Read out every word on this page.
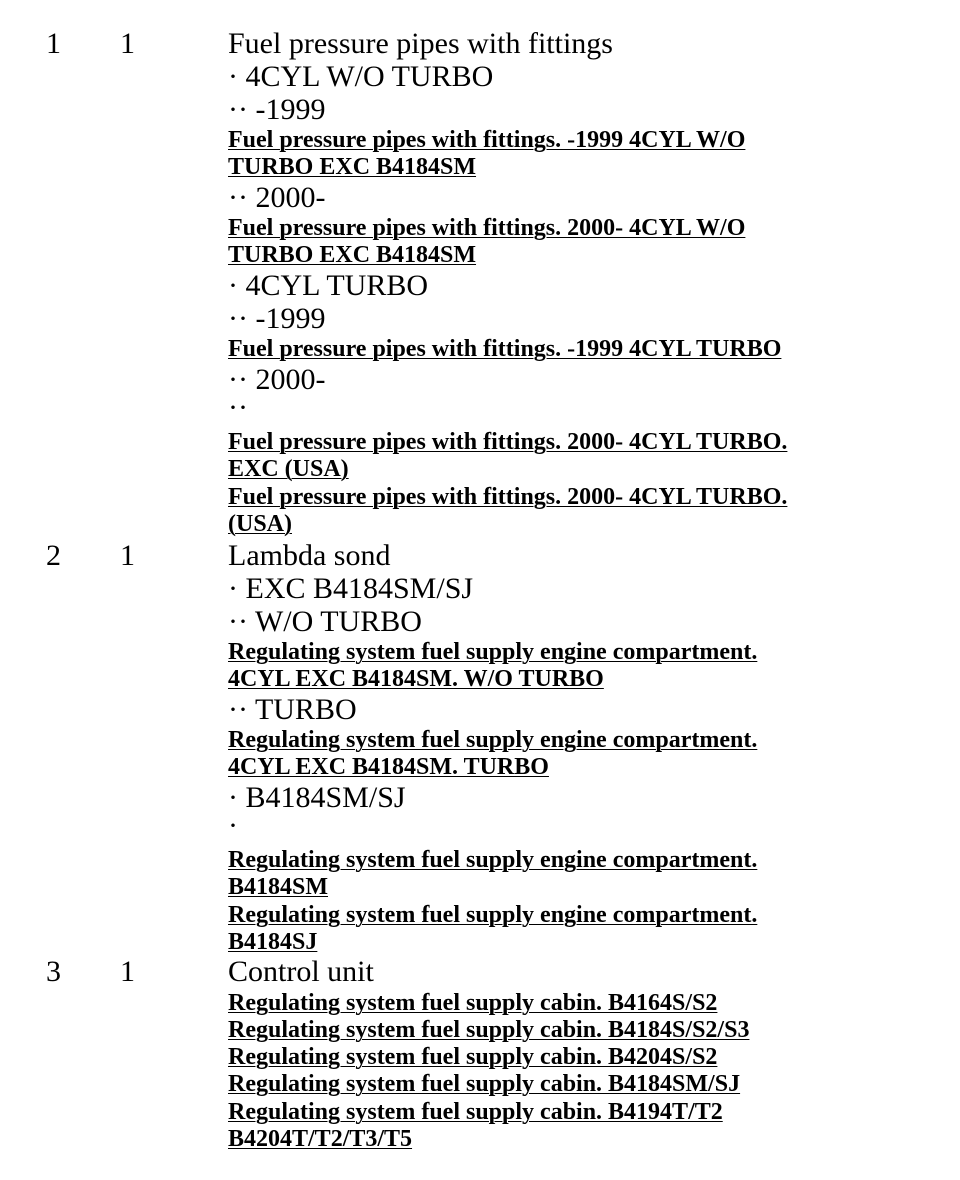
1 1	Fuel pressure pipes with fittings
· 4CYL W/O TURBO
·· -1999
Fuel pressure pipes with fittings. -1999 4CYL W/O
TURBO EXC B4184SM
·· 2000-
Fuel pressure pipes with fittings. 2000- 4CYL W/O
TURBO EXC B4184SM
· 4CYL TURBO
·· -1999
Fuel pressure pipes with fittings. -1999 4CYL TURBO
·· 2000-
··
Fuel pressure pipes with fittings. 2000- 4CYL TURBO.
EXC (USA)
Fuel pressure pipes with fittings. 2000- 4CYL TURBO.
(USA)
2 1	Lambda sond
· EXC B4184SM/SJ
·· W/O TURBO
Regulating system fuel supply engine compartment.
4CYL EXC B4184SM. W/O TURBO
·· TURBO
Regulating system fuel supply engine compartment.
4CYL EXC B4184SM. TURBO
· B4184SM/SJ
·
Regulating system fuel supply engine compartment.
B4184SM
Regulating system fuel supply engine compartment.
B4184SJ
3 1	Control unit
Regulating system fuel supply cabin. B4164S/S2
Regulating system fuel supply cabin. B4184S/S2/S3
Regulating system fuel supply cabin. B4204S/S2
Regulating system fuel supply cabin. B4184SM/SJ
Regulating system fuel supply cabin. B4194T/T2
B4204T/T2/T3/T5
